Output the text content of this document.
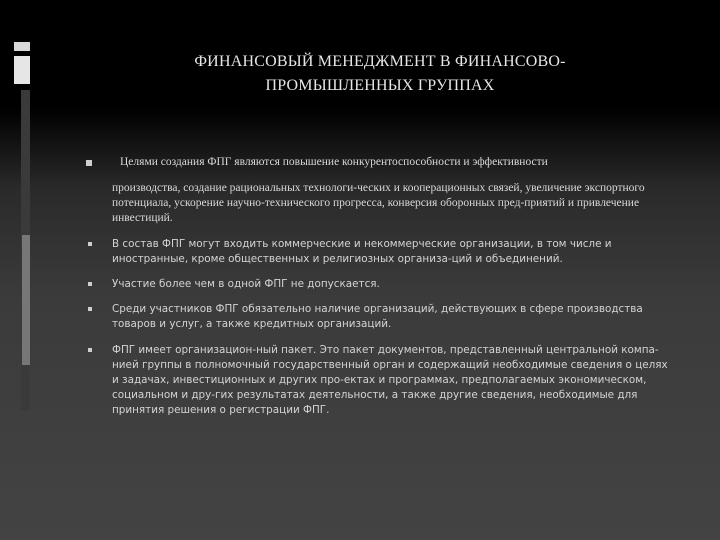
ФИНАНСОВЫЙ МЕНЕДЖМЕНТ В ФИНАНСОВО-
ПРОМЫШЛЕННЫХ ГРУППАХ
Целями создания ФПГ являются повышение конкурентоспособности и эффективности
производства, создание рациональных технологи-ческих и кооперационных связей, увеличение экспортного потенциала, ускорение научно-технического прогресса, конверсия оборонных пред-приятий и привлечение инвестиций.
В состав ФПГ могут входить коммерческие и некоммерческие организации, в том числе и иностранные, кроме общественных и религиозных организа-ций и объединений.
Участие более чем в одной ФПГ не допускается.
Среди участников ФПГ обязательно наличие организаций, действующих в сфере производства товаров и услуг, а также кредитных организаций.
ФПГ имеет организацион-ный пакет. Это пакет документов, представленный центральной компа-нией группы в полномочный государственный орган и содержащий необходимые сведения о целях и задачах, инвестиционных и других про-ектах и программах, предполагаемых экономическом, социальном и дру-гих результатах деятельности, а также другие сведения, необходимые для принятия решения о регистрации ФПГ.
